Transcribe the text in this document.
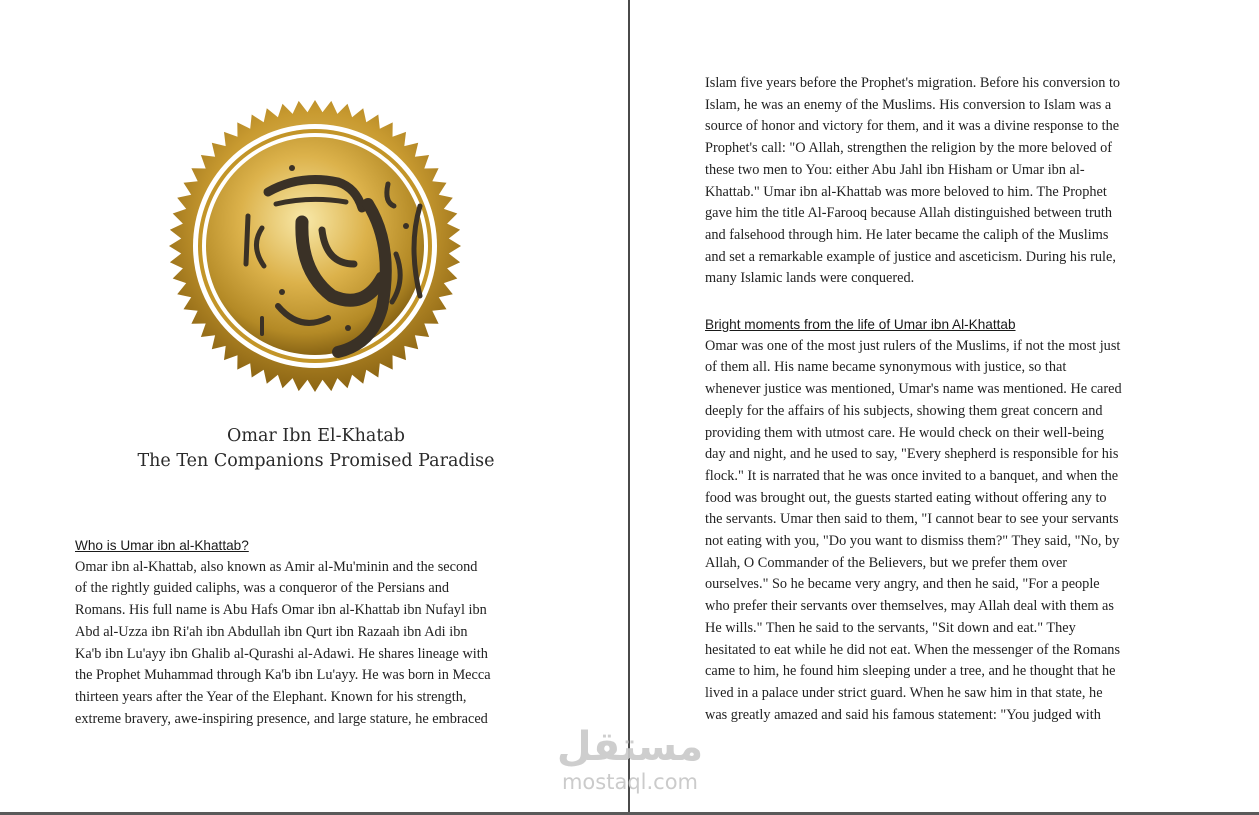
Omar Ibn El-Khatab
The Ten Companions Promised Paradise
Who is Umar ibn al-Khattab?

Omar ibn al-Khattab, also known as Amir al-Mu'minin and the second
of the rightly guided caliphs, was a conqueror of the Persians and
Romans. His full name is Abu Hafs Omar ibn al-Khattab ibn Nufayl ibn
Abd al-Uzza ibn Ri'ah ibn Abdullah ibn Qurt ibn Razaah ibn Adi ibn
Ka'b ibn Lu'ayy ibn Ghalib al-Qurashi al-Adawi. He shares lineage with
the Prophet Muhammad through Ka'b ibn Lu'ayy. He was born in Mecca
thirteen years after the Year of the Elephant. Known for his strength,
extreme bravery, awe-inspiring presence, and large stature, he embraced

Islam five years before the Prophet's migration. Before his conversion to
Islam, he was an enemy of the Muslims. His conversion to Islam was a
source of honor and victory for them, and it was a divine response to the
Prophet's call: "O Allah, strengthen the religion by the more beloved of
these two men to You: either Abu Jahl ibn Hisham or Umar ibn al-
Khattab." Umar ibn al-Khattab was more beloved to him. The Prophet
gave him the title Al-Farooq because Allah distinguished between truth
and falsehood through him. He later became the caliph of the Muslims
and set a remarkable example of justice and asceticism. During his rule,
many Islamic lands were conquered.

Bright moments from the life of Umar ibn Al-Khattab

Omar was one of the most just rulers of the Muslims, if not the most just
of them all. His name became synonymous with justice, so that
whenever justice was mentioned, Umar's name was mentioned. He cared
deeply for the affairs of his subjects, showing them great concern and
providing them with utmost care. He would check on their well-being
day and night, and he used to say, "Every shepherd is responsible for his
flock." It is narrated that he was once invited to a banquet, and when the
food was brought out, the guests started eating without offering any to
the servants. Umar then said to them, "I cannot bear to see your servants
not eating with you, "Do you want to dismiss them?" They said, "No, by
Allah, O Commander of the Believers, but we prefer them over
ourselves." So he became very angry, and then he said, "For a people
who prefer their servants over themselves, may Allah deal with them as
He wills." Then he said to the servants, "Sit down and eat." They
hesitated to eat while he did not eat. When the messenger of the Romans
came to him, he found him sleeping under a tree, and he thought that he
lived in a palace under strict guard. When he saw him in that state, he
was greatly amazed and said his famous statement: "You judged with

مستقل
mostaql.com
